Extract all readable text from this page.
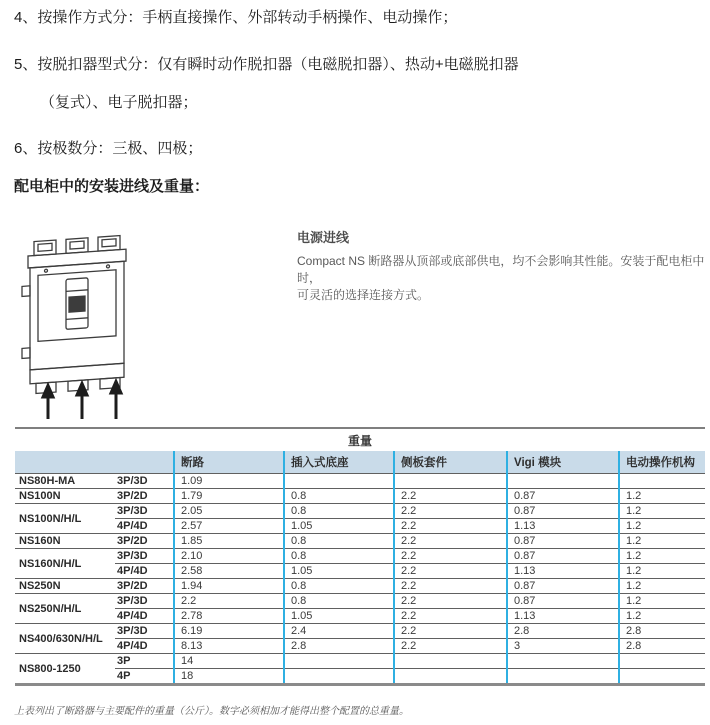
4、按操作方式分：手柄直接操作、外部转动手柄操作、电动操作；

5、按脱扣器型式分：仅有瞬时动作脱扣器（电磁脱扣器）、热动+电磁脱扣器

（复式）、电子脱扣器；

6、按极数分：三极、四极；

配电柜中的安装进线及重量：

电源进线

Compact NS 断路器从顶部或底部供电，均不会影响其性能。安装于配电柜中时，
可灵活的选择连接方式。

重量
		断路	插入式底座	侧板套件	Vigi 模块	电动操作机构
NS80H-MA	3P/3D	1.09				
NS100N	3P/2D	1.79	0.8	2.2	0.87	1.2
NS100N/H/L	3P/3D	2.05	0.8	2.2	0.87	1.2
	4P/4D	2.57	1.05	2.2	1.13	1.2
NS160N	3P/2D	1.85	0.8	2.2	0.87	1.2
NS160N/H/L	3P/3D	2.10	0.8	2.2	0.87	1.2
	4P/4D	2.58	1.05	2.2	1.13	1.2
NS250N	3P/2D	1.94	0.8	2.2	0.87	1.2
NS250N/H/L	3P/3D	2.2	0.8	2.2	0.87	1.2
	4P/4D	2.78	1.05	2.2	1.13	1.2
NS400/630N/H/L	3P/3D	6.19	2.4	2.2	2.8	2.8
	4P/4D	8.13	2.8	2.2	3	2.8
NS800-1250	3P	14				
	4P	18				

上表列出了断路器与主要配件的重量（公斤）。数字必须相加才能得出整个配置的总重量。
